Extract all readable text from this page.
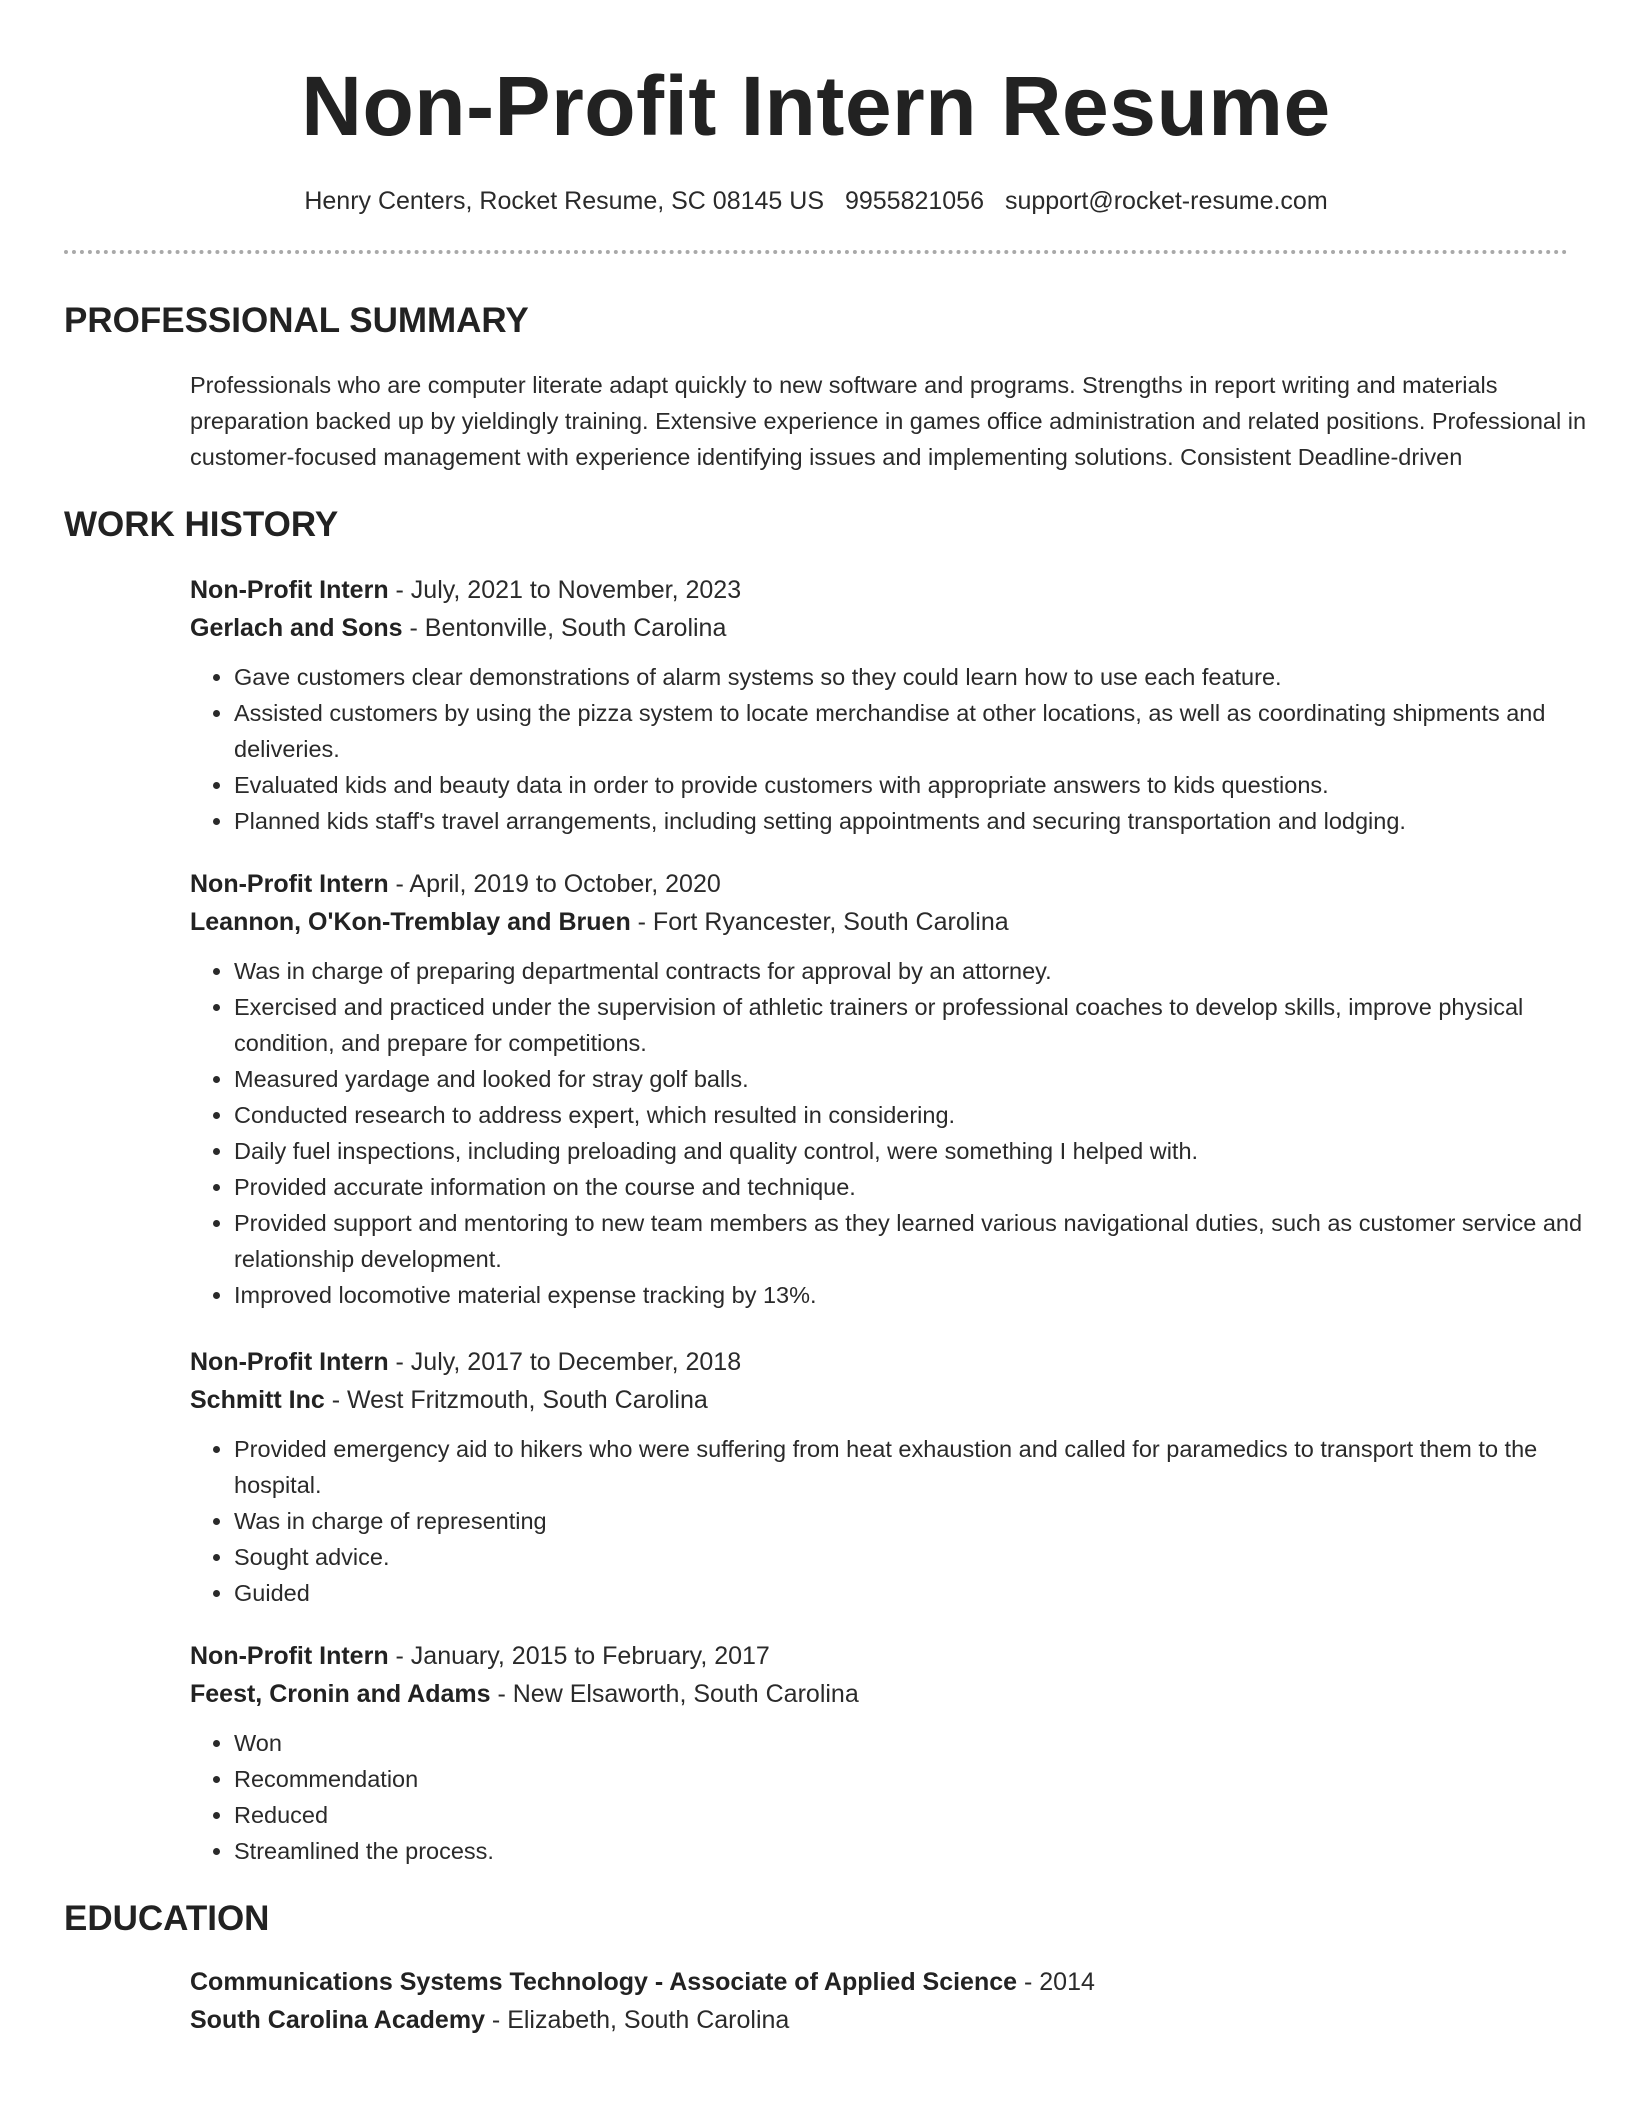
Non-Profit Intern Resume
Henry Centers, Rocket Resume, SC 08145 US 9955821056 support@rocket-resume.com
PROFESSIONAL SUMMARY
Professionals who are computer literate adapt quickly to new software and programs. Strengths in report writing and materials preparation backed up by yieldingly training. Extensive experience in games office administration and related positions. Professional in customer-focused management with experience identifying issues and implementing solutions. Consistent Deadline-driven
WORK HISTORY
Non-Profit Intern - July, 2021 to November, 2023
Gerlach and Sons - Bentonville, South Carolina
• Gave customers clear demonstrations of alarm systems so they could learn how to use each feature.
• Assisted customers by using the pizza system to locate merchandise at other locations, as well as coordinating shipments and deliveries.
• Evaluated kids and beauty data in order to provide customers with appropriate answers to kids questions.
• Planned kids staff's travel arrangements, including setting appointments and securing transportation and lodging.
Non-Profit Intern - April, 2019 to October, 2020
Leannon, O'Kon-Tremblay and Bruen - Fort Ryancester, South Carolina
• Was in charge of preparing departmental contracts for approval by an attorney.
• Exercised and practiced under the supervision of athletic trainers or professional coaches to develop skills, improve physical condition, and prepare for competitions.
• Measured yardage and looked for stray golf balls.
• Conducted research to address expert, which resulted in considering.
• Daily fuel inspections, including preloading and quality control, were something I helped with.
• Provided accurate information on the course and technique.
• Provided support and mentoring to new team members as they learned various navigational duties, such as customer service and relationship development.
• Improved locomotive material expense tracking by 13%.
Non-Profit Intern - July, 2017 to December, 2018
Schmitt Inc - West Fritzmouth, South Carolina
• Provided emergency aid to hikers who were suffering from heat exhaustion and called for paramedics to transport them to the hospital.
• Was in charge of representing
• Sought advice.
• Guided
Non-Profit Intern - January, 2015 to February, 2017
Feest, Cronin and Adams - New Elsaworth, South Carolina
• Won
• Recommendation
• Reduced
• Streamlined the process.
EDUCATION
Communications Systems Technology - Associate of Applied Science - 2014
South Carolina Academy - Elizabeth, South Carolina
